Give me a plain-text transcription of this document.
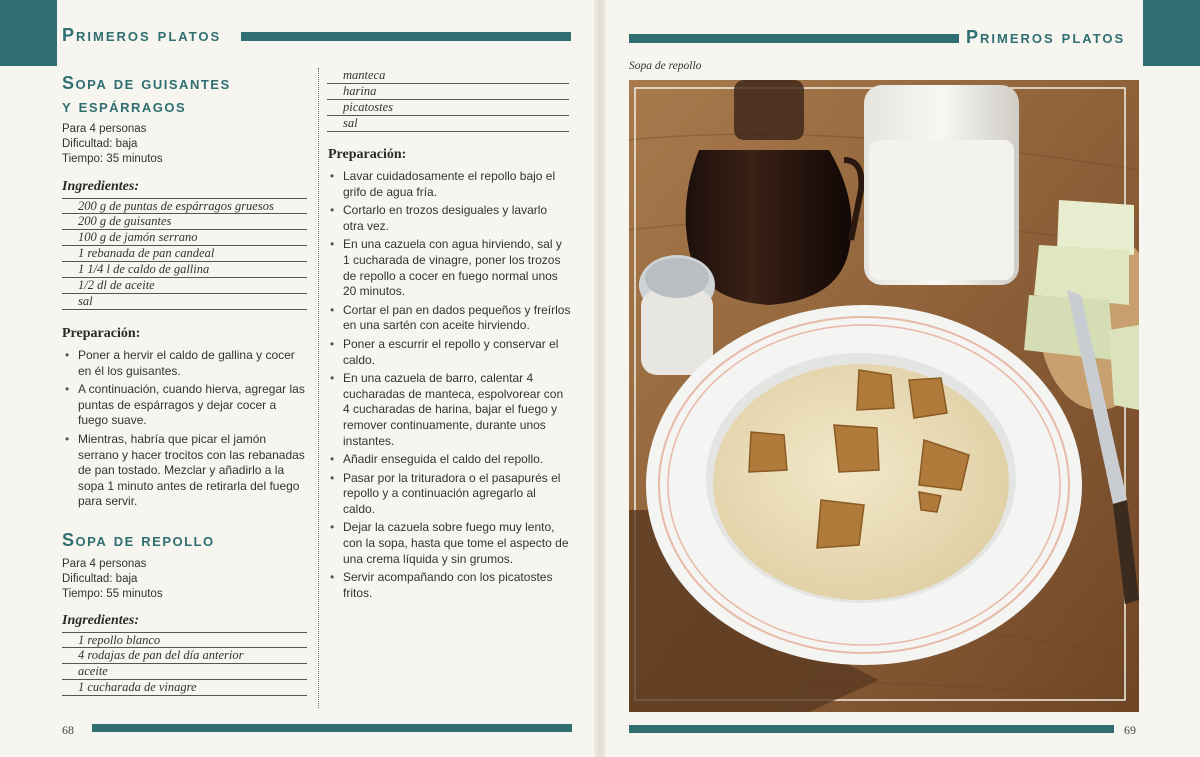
Primeros platos
Sopa de guisantes
y espárragos
Para 4 personas
Dificultad: baja
Tiempo: 35 minutos
Ingredientes:
200 g de puntas de espárragos gruesos
200 g de guisantes
100 g de jamón serrano
1 rebanada de pan candeal
1 1/4 l de caldo de gallina
1/2 dl de aceite
sal
Preparación:
• Poner a hervir el caldo de gallina y cocer en él los guisantes.
• A continuación, cuando hierva, agregar las puntas de espárragos y dejar cocer a fuego suave.
• Mientras, habría que picar el jamón serrano y hacer trocitos con las rebanadas de pan tostado. Mezclar y añadirlo a la sopa 1 minuto antes de retirarla del fuego para servir.
Sopa de repollo
Para 4 personas
Dificultad: baja
Tiempo: 55 minutos
Ingredientes:
1 repollo blanco
4 rodajas de pan del día anterior
aceite
1 cucharada de vinagre
manteca
harina
picatostes
sal
Preparación:
• Lavar cuidadosamente el repollo bajo el grifo de agua fría.
• Cortarlo en trozos desiguales y lavarlo otra vez.
• En una cazuela con agua hirviendo, sal y 1 cucharada de vinagre, poner los trozos de repollo a cocer en fuego normal unos 20 minutos.
• Cortar el pan en dados pequeños y freírlos en una sartén con aceite hirviendo.
• Poner a escurrir el repollo y conservar el caldo.
• En una cazuela de barro, calentar 4 cucharadas de manteca, espolvorear con 4 cucharadas de harina, bajar el fuego y remover continuamente, durante unos instantes.
• Añadir enseguida el caldo del repollo.
• Pasar por la trituradora o el pasapurés el repollo y a continuación agregarlo al caldo.
• Dejar la cazuela sobre fuego muy lento, con la sopa, hasta que tome el aspecto de una crema líquida y sin grumos.
• Servir acompañando con los picatostes fritos.
68
Primeros platos
Sopa de repollo
69
